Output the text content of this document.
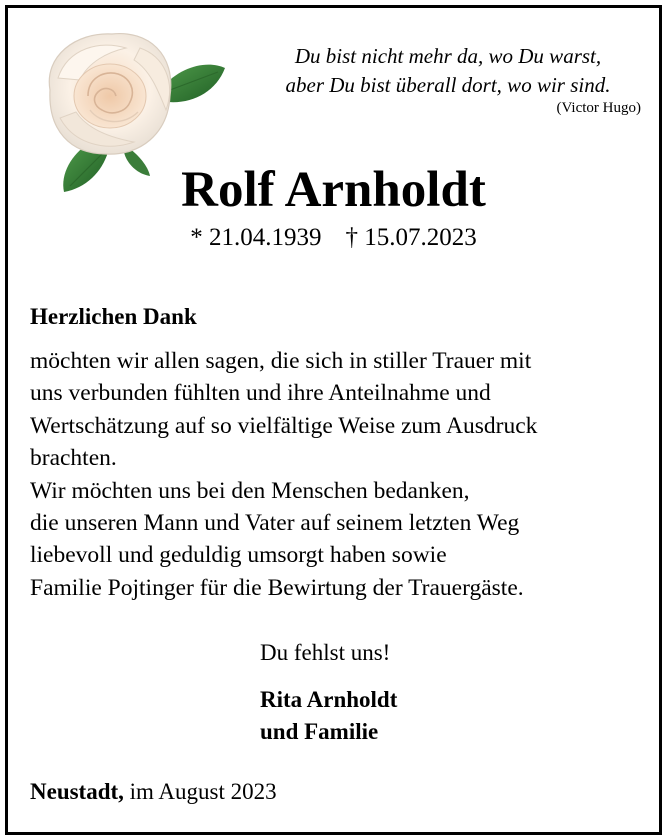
Du bist nicht mehr da, wo Du warst,
aber Du bist überall dort, wo wir sind.
(Victor Hugo)
Rolf Arnholdt
* 21.04.1939 † 15.07.2023
Herzlichen Dank
möchten wir allen sagen, die sich in stiller Trauer mit
uns verbunden fühlten und ihre Anteilnahme und
Wertschätzung auf so vielfältige Weise zum Ausdruck
brachten.
Wir möchten uns bei den Menschen bedanken,
die unseren Mann und Vater auf seinem letzten Weg
liebevoll und geduldig umsorgt haben sowie
Familie Pojtinger für die Bewirtung der Trauergäste.
Du fehlst uns!
Rita Arnholdt
und Familie
Neustadt, im August 2023
